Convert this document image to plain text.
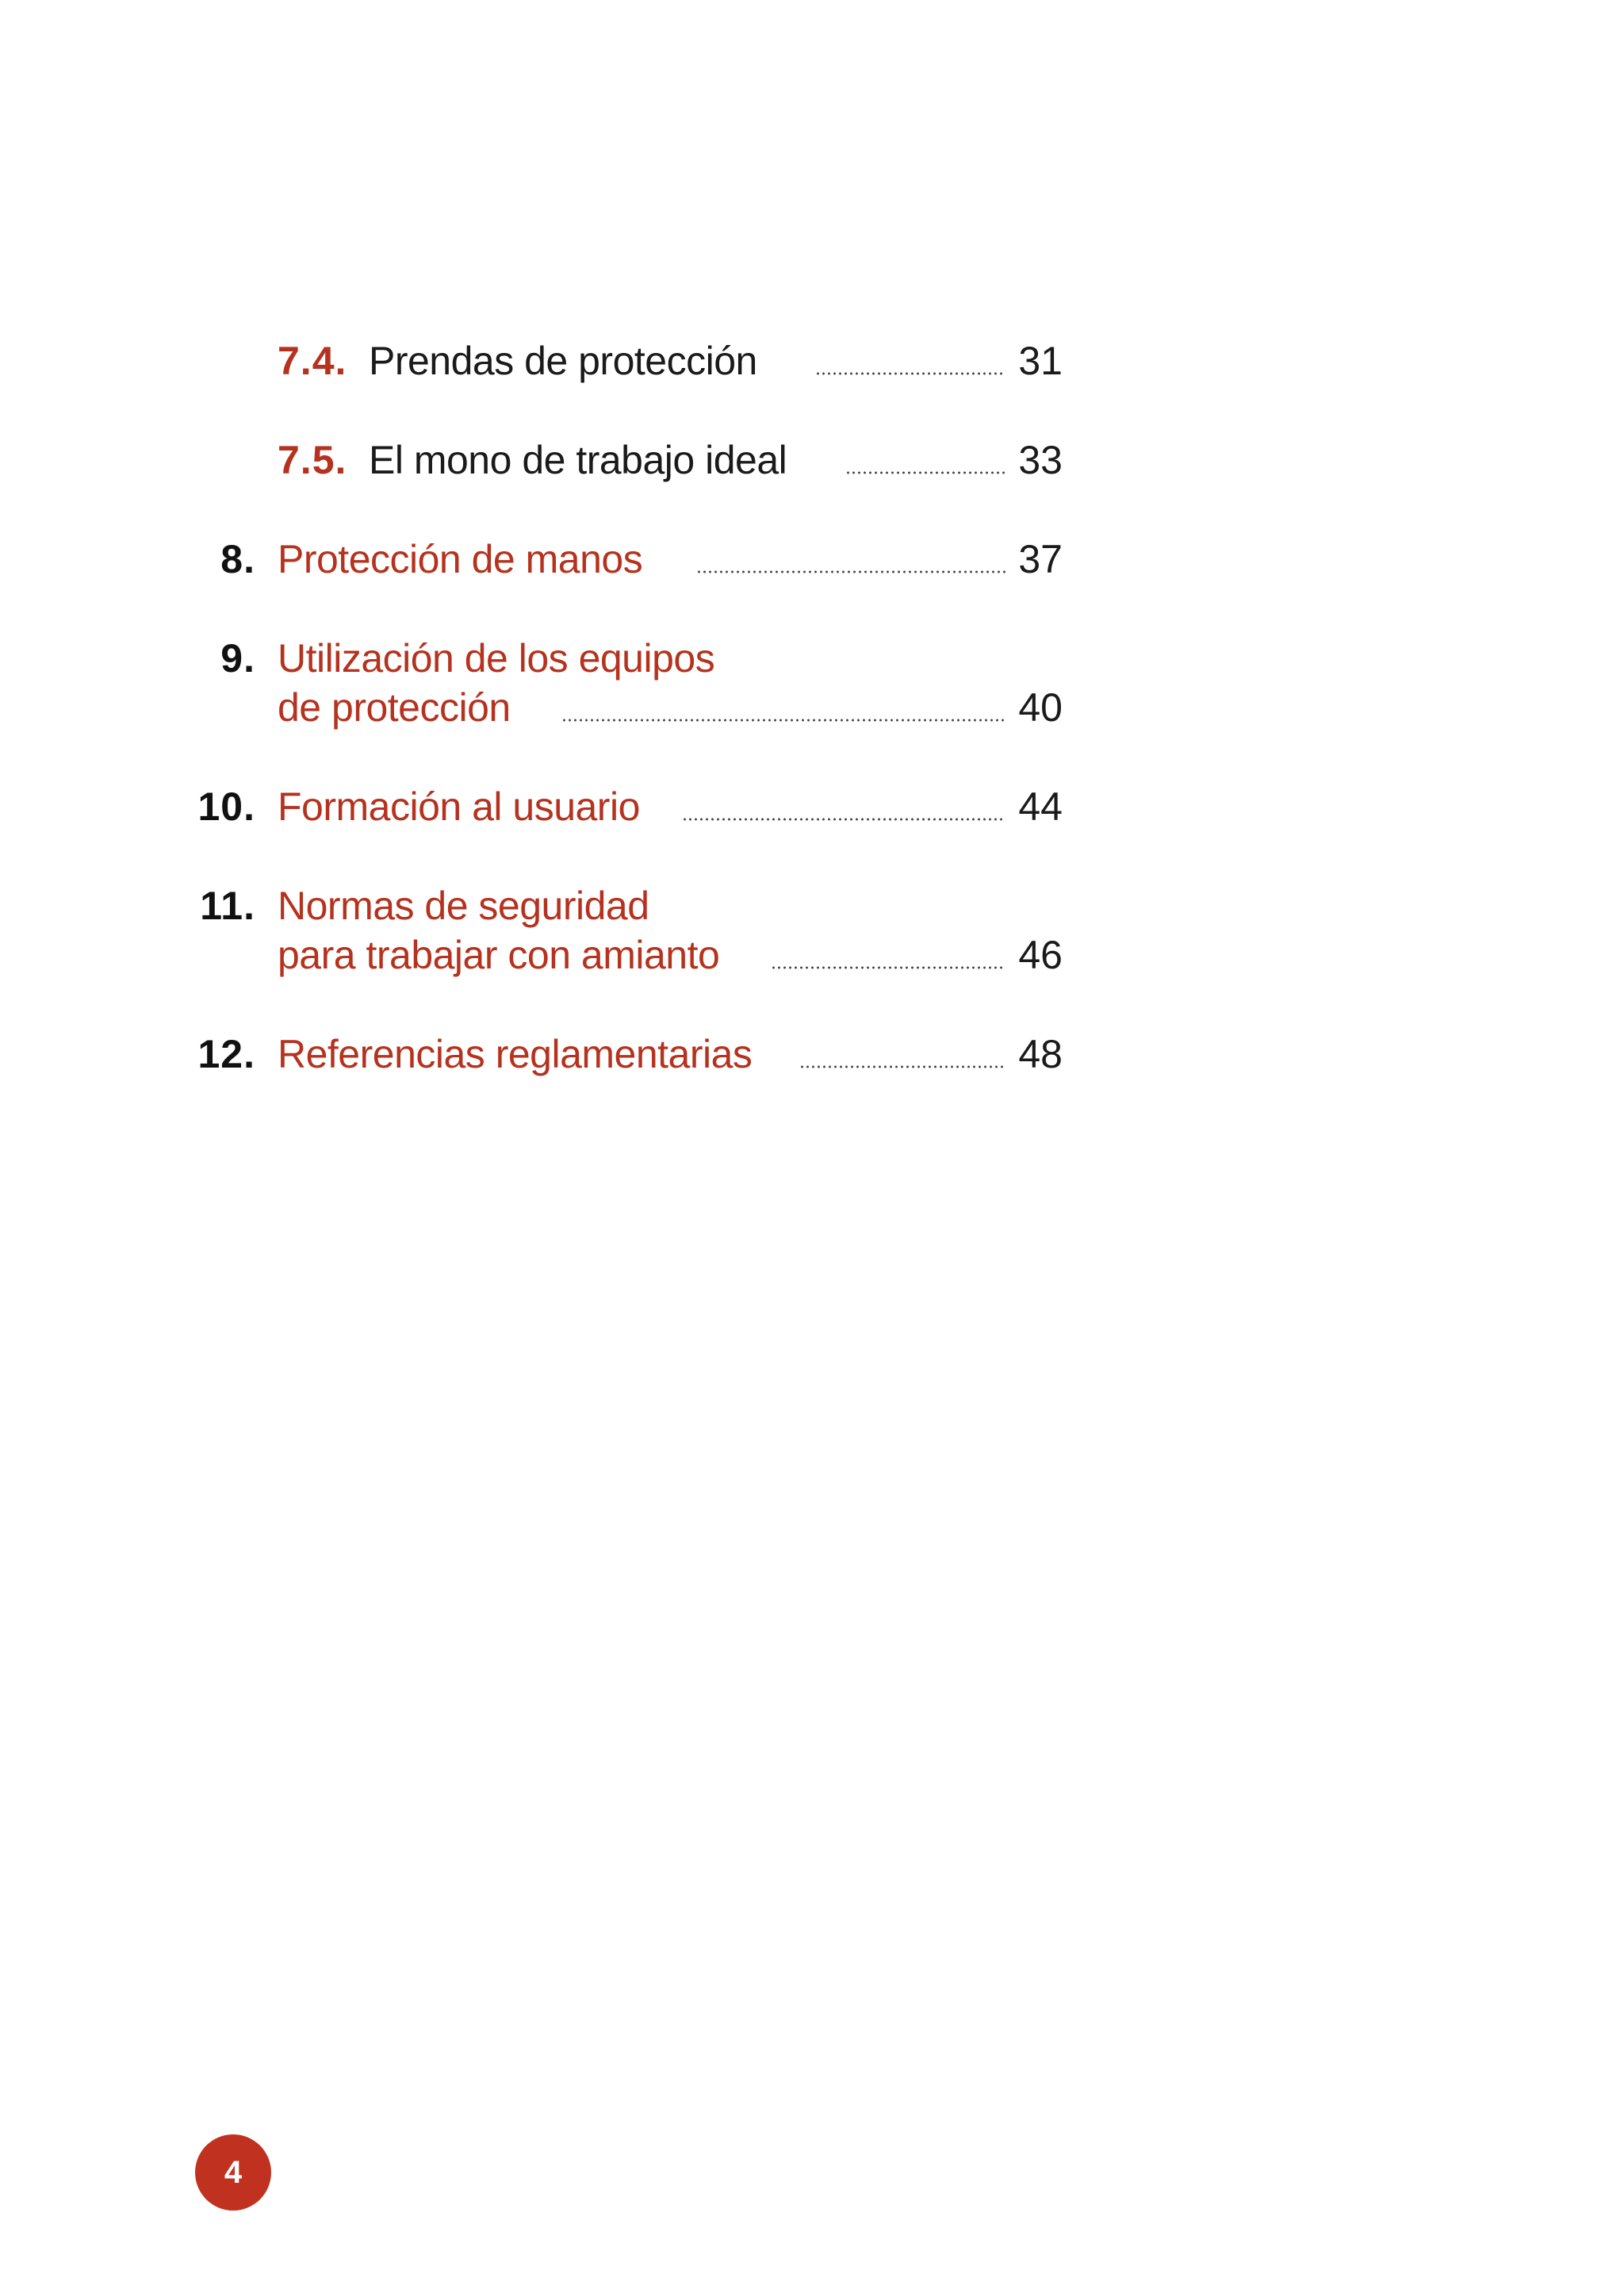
7.4. Prendas de protección	31
7.5. El mono de trabajo ideal	33
8. Protección de manos	37
9. Utilización de los equipos
de protección	40
10. Formación al usuario	44
11. Normas de seguridad
para trabajar con amianto	46
12. Referencias reglamentarias	48
4
